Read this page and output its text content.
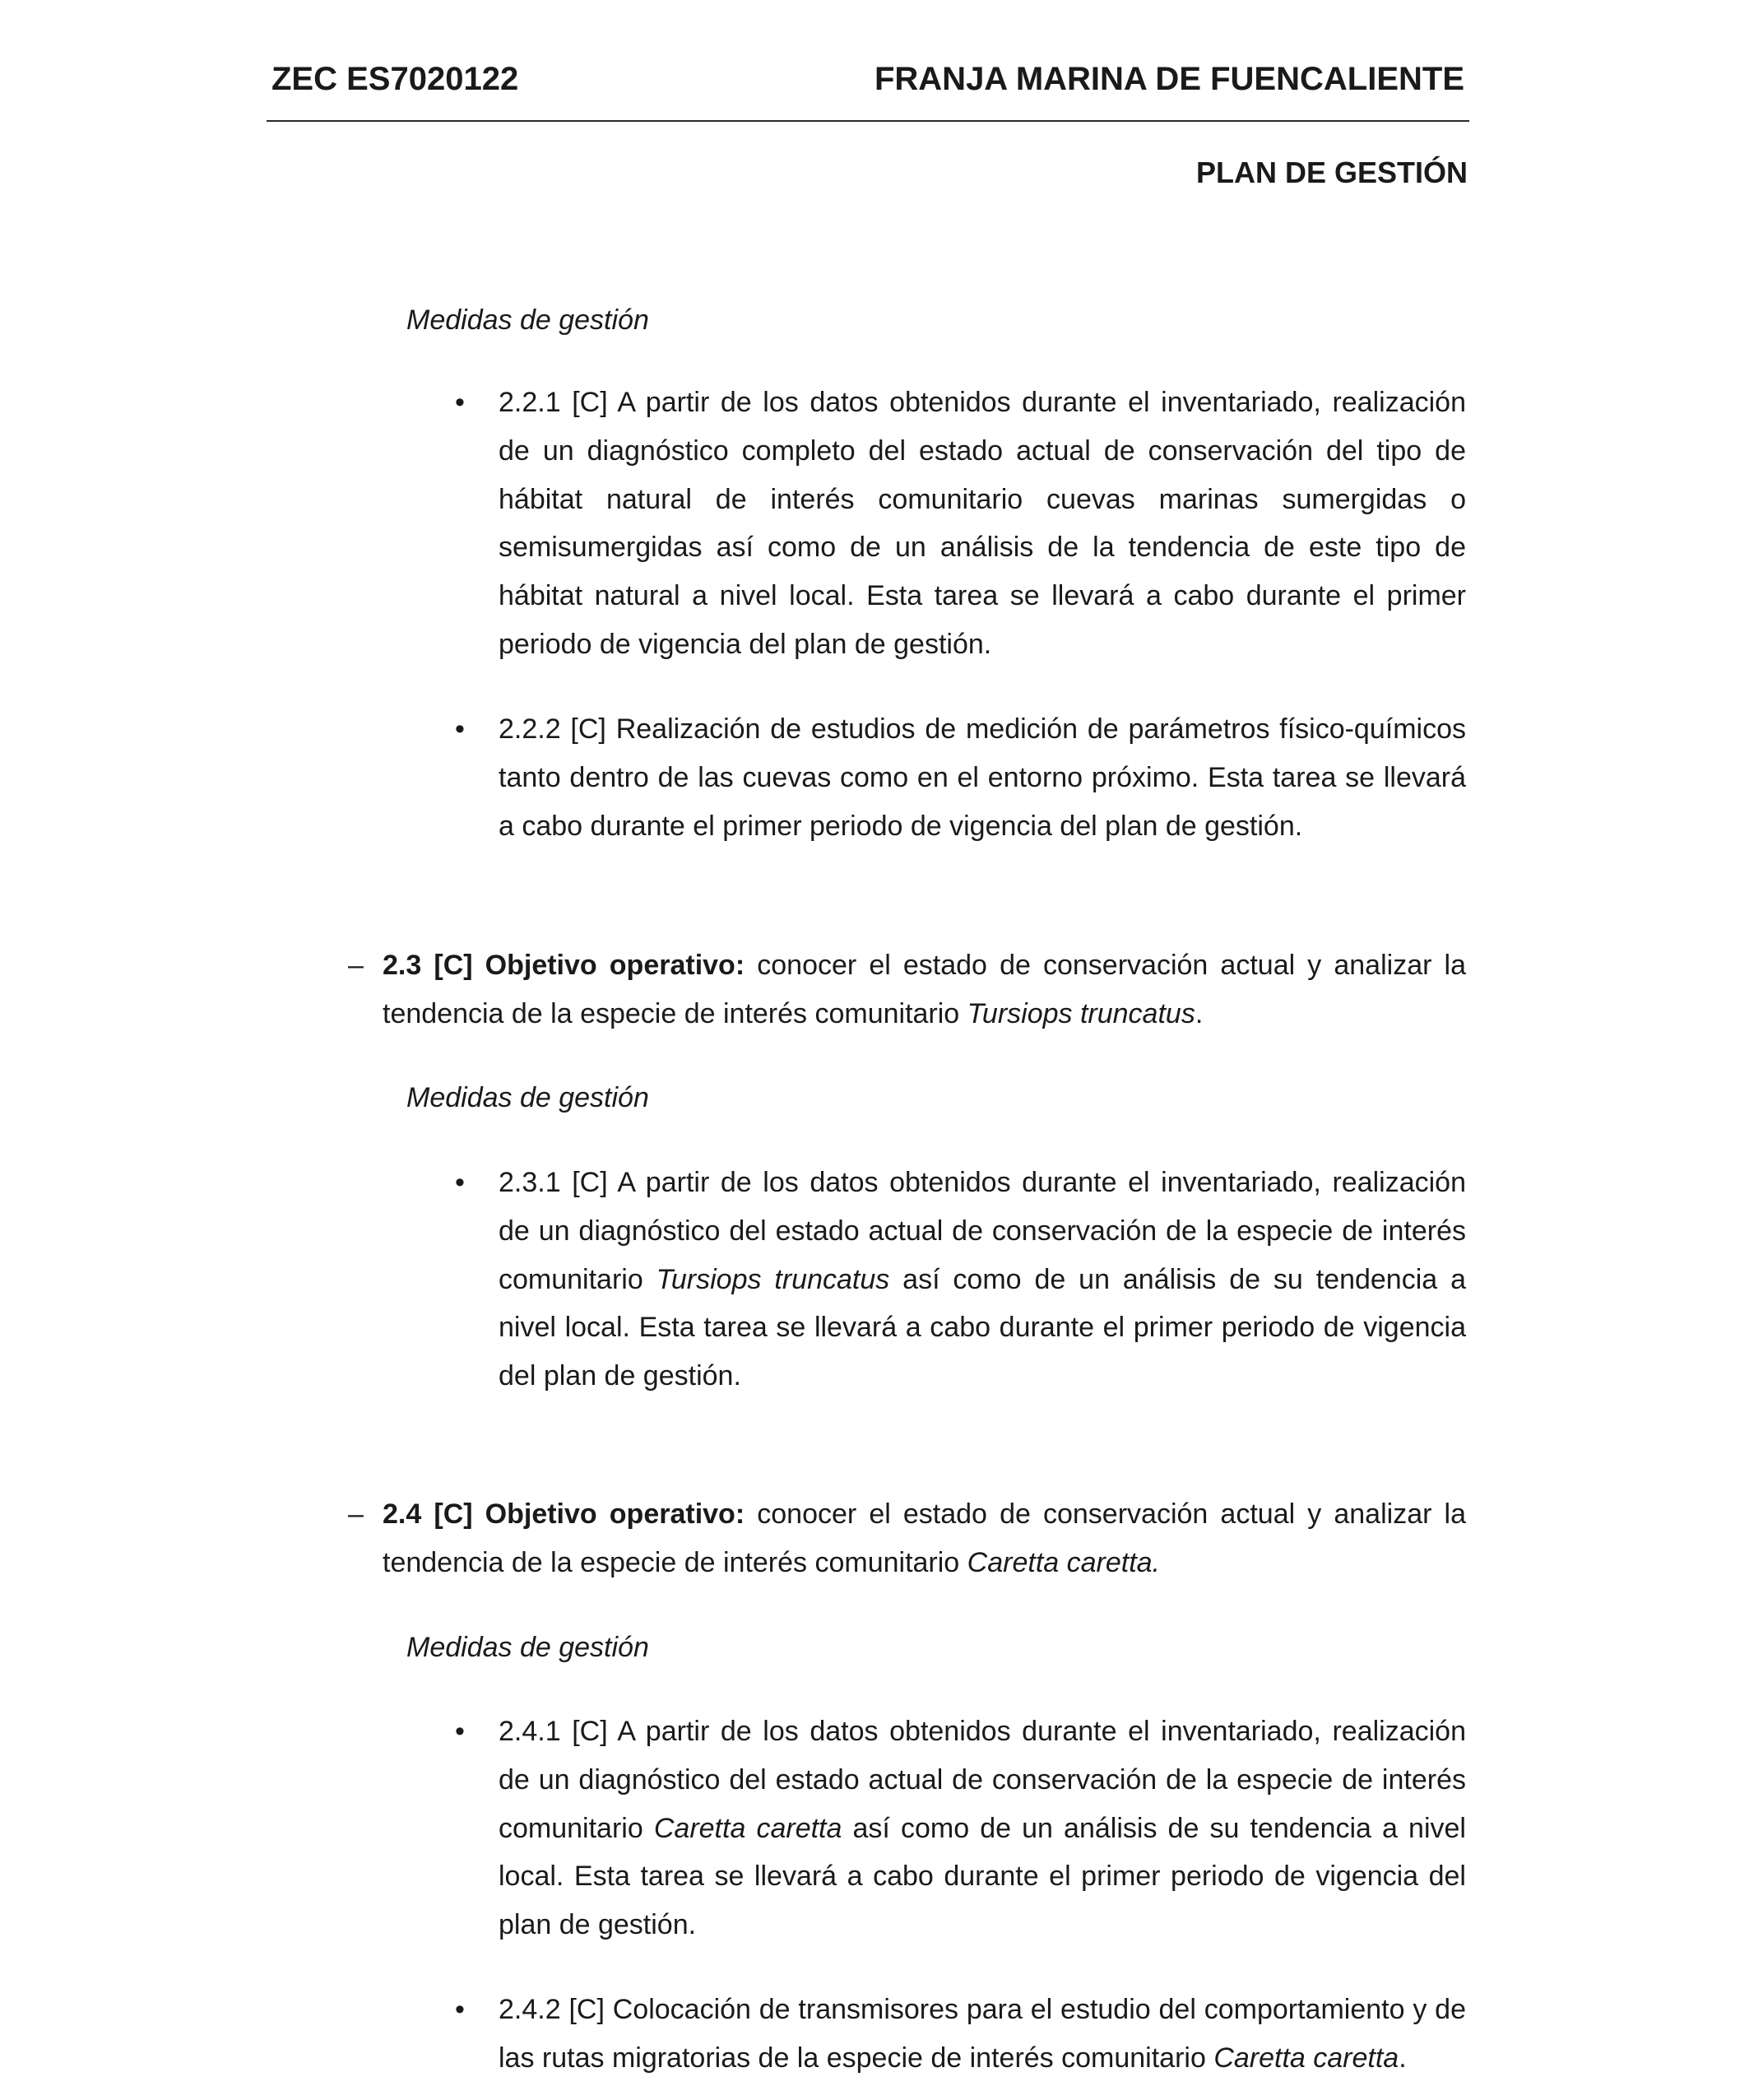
ZEC ES7020122	FRANJA MARINA DE FUENCALIENTE
PLAN DE GESTIÓN
Medidas de gestión
• 2.2.1 [C] A partir de los datos obtenidos durante el inventariado, realización de un diagnóstico completo del estado actual de conservación del tipo de hábitat natural de interés comunitario cuevas marinas sumergidas o semisumergidas así como de un análisis de la tendencia de este tipo de hábitat natural a nivel local. Esta tarea se llevará a cabo durante el primer periodo de vigencia del plan de gestión.
• 2.2.2 [C] Realización de estudios de medición de parámetros físico-químicos tanto dentro de las cuevas como en el entorno próximo. Esta tarea se llevará a cabo durante el primer periodo de vigencia del plan de gestión.
– 2.3 [C] Objetivo operativo: conocer el estado de conservación actual y analizar la tendencia de la especie de interés comunitario Tursiops truncatus.
Medidas de gestión
• 2.3.1 [C] A partir de los datos obtenidos durante el inventariado, realización de un diagnóstico del estado actual de conservación de la especie de interés comunitario Tursiops truncatus así como de un análisis de su tendencia a nivel local. Esta tarea se llevará a cabo durante el primer periodo de vigencia del plan de gestión.
– 2.4 [C] Objetivo operativo: conocer el estado de conservación actual y analizar la tendencia de la especie de interés comunitario Caretta caretta.
Medidas de gestión
• 2.4.1 [C] A partir de los datos obtenidos durante el inventariado, realización de un diagnóstico del estado actual de conservación de la especie de interés comunitario Caretta caretta así como de un análisis de su tendencia a nivel local. Esta tarea se llevará a cabo durante el primer periodo de vigencia del plan de gestión.
• 2.4.2 [C] Colocación de transmisores para el estudio del comportamiento y de las rutas migratorias de la especie de interés comunitario Caretta caretta.
